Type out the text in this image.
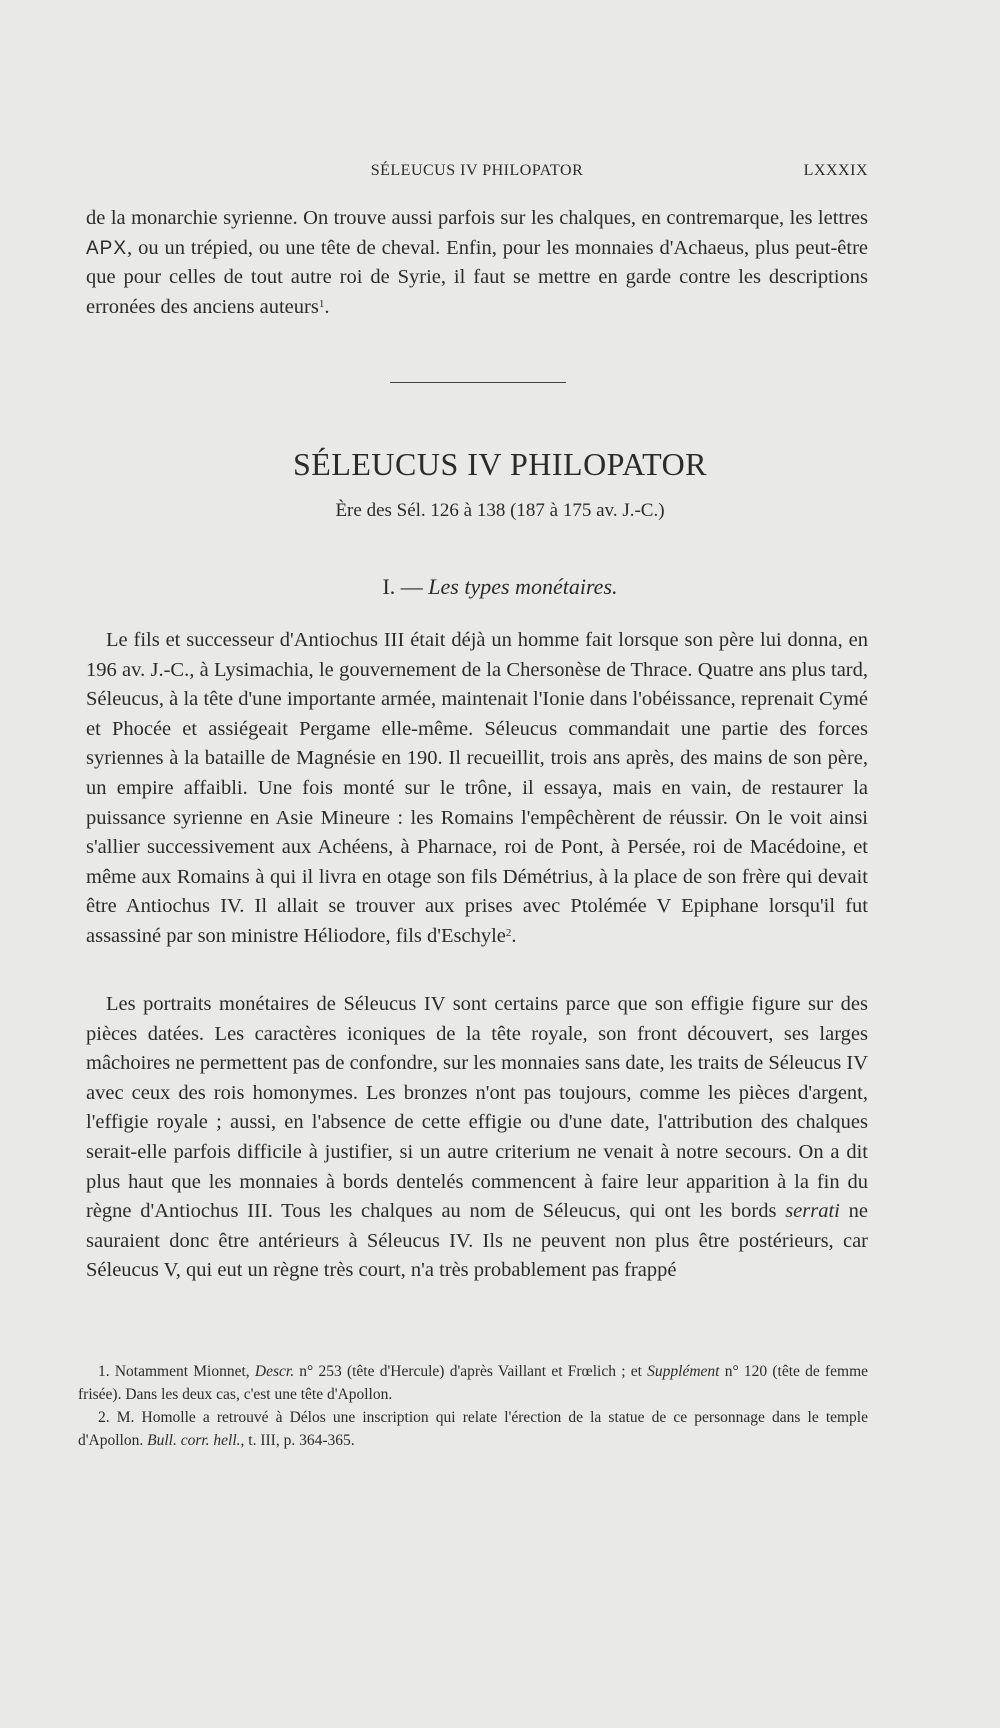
SÉLEUCUS IV PHILOPATOR	LXXXIX

de la monarchie syrienne. On trouve aussi parfois sur les chalques, en contremarque, les lettres APX, ou un trépied, ou une tête de cheval. Enfin, pour les monnaies d'Achaeus, plus peut-être que pour celles de tout autre roi de Syrie, il faut se mettre en garde contre les descriptions erronées des anciens auteurs$^1$.

SÉLEUCUS IV PHILOPATOR
Ère des Sél. 126 à 138 (187 à 175 av. J.-C.)
I. — Les types monétaires.

Le fils et successeur d'Antiochus III était déjà un homme fait lorsque son père lui donna, en 196 av. J.-C., à Lysimachia, le gouvernement de la Chersonèse de Thrace. Quatre ans plus tard, Séleucus, à la tête d'une importante armée, maintenait l'Ionie dans l'obéissance, reprenait Cymé et Phocée et assiégeait Pergame elle-même. Séleucus commandait une partie des forces syriennes à la bataille de Magnésie en 190. Il recueillit, trois ans après, des mains de son père, un empire affaibli. Une fois monté sur le trône, il essaya, mais en vain, de restaurer la puissance syrienne en Asie Mineure : les Romains l'empêchèrent de réussir. On le voit ainsi s'allier successivement aux Achéens, à Pharnace, roi de Pont, à Persée, roi de Macédoine, et même aux Romains à qui il livra en otage son fils Démétrius, à la place de son frère qui devait être Antiochus IV. Il allait se trouver aux prises avec Ptolémée V Epiphane lorsqu'il fut assassiné par son ministre Héliodore, fils d'Eschyle$^2$.

Les portraits monétaires de Séleucus IV sont certains parce que son effigie figure sur des pièces datées. Les caractères iconiques de la tête royale, son front découvert, ses larges mâchoires ne permettent pas de confondre, sur les monnaies sans date, les traits de Séleucus IV avec ceux des rois homonymes. Les bronzes n'ont pas toujours, comme les pièces d'argent, l'effigie royale ; aussi, en l'absence de cette effigie ou d'une date, l'attribution des chalques serait-elle parfois difficile à justifier, si un autre criterium ne venait à notre secours. On a dit plus haut que les monnaies à bords dentelés commencent à faire leur apparition à la fin du règne d'Antiochus III. Tous les chalques au nom de Séleucus, qui ont les bords serrati ne sauraient donc être antérieurs à Séleucus IV. Ils ne peuvent non plus être postérieurs, car Séleucus V, qui eut un règne très court, n'a très probablement pas frappé

1. Notamment Mionnet, Descr. n° 253 (tête d'Hercule) d'après Vaillant et Frœlich ; et Supplément n° 120 (tête de femme frisée). Dans les deux cas, c'est une tête d'Apollon.

2. M. Homolle a retrouvé à Délos une inscription qui relate l'érection de la statue de ce personnage dans le temple d'Apollon. Bull. corr. hell., t. III, p. 364-365.
